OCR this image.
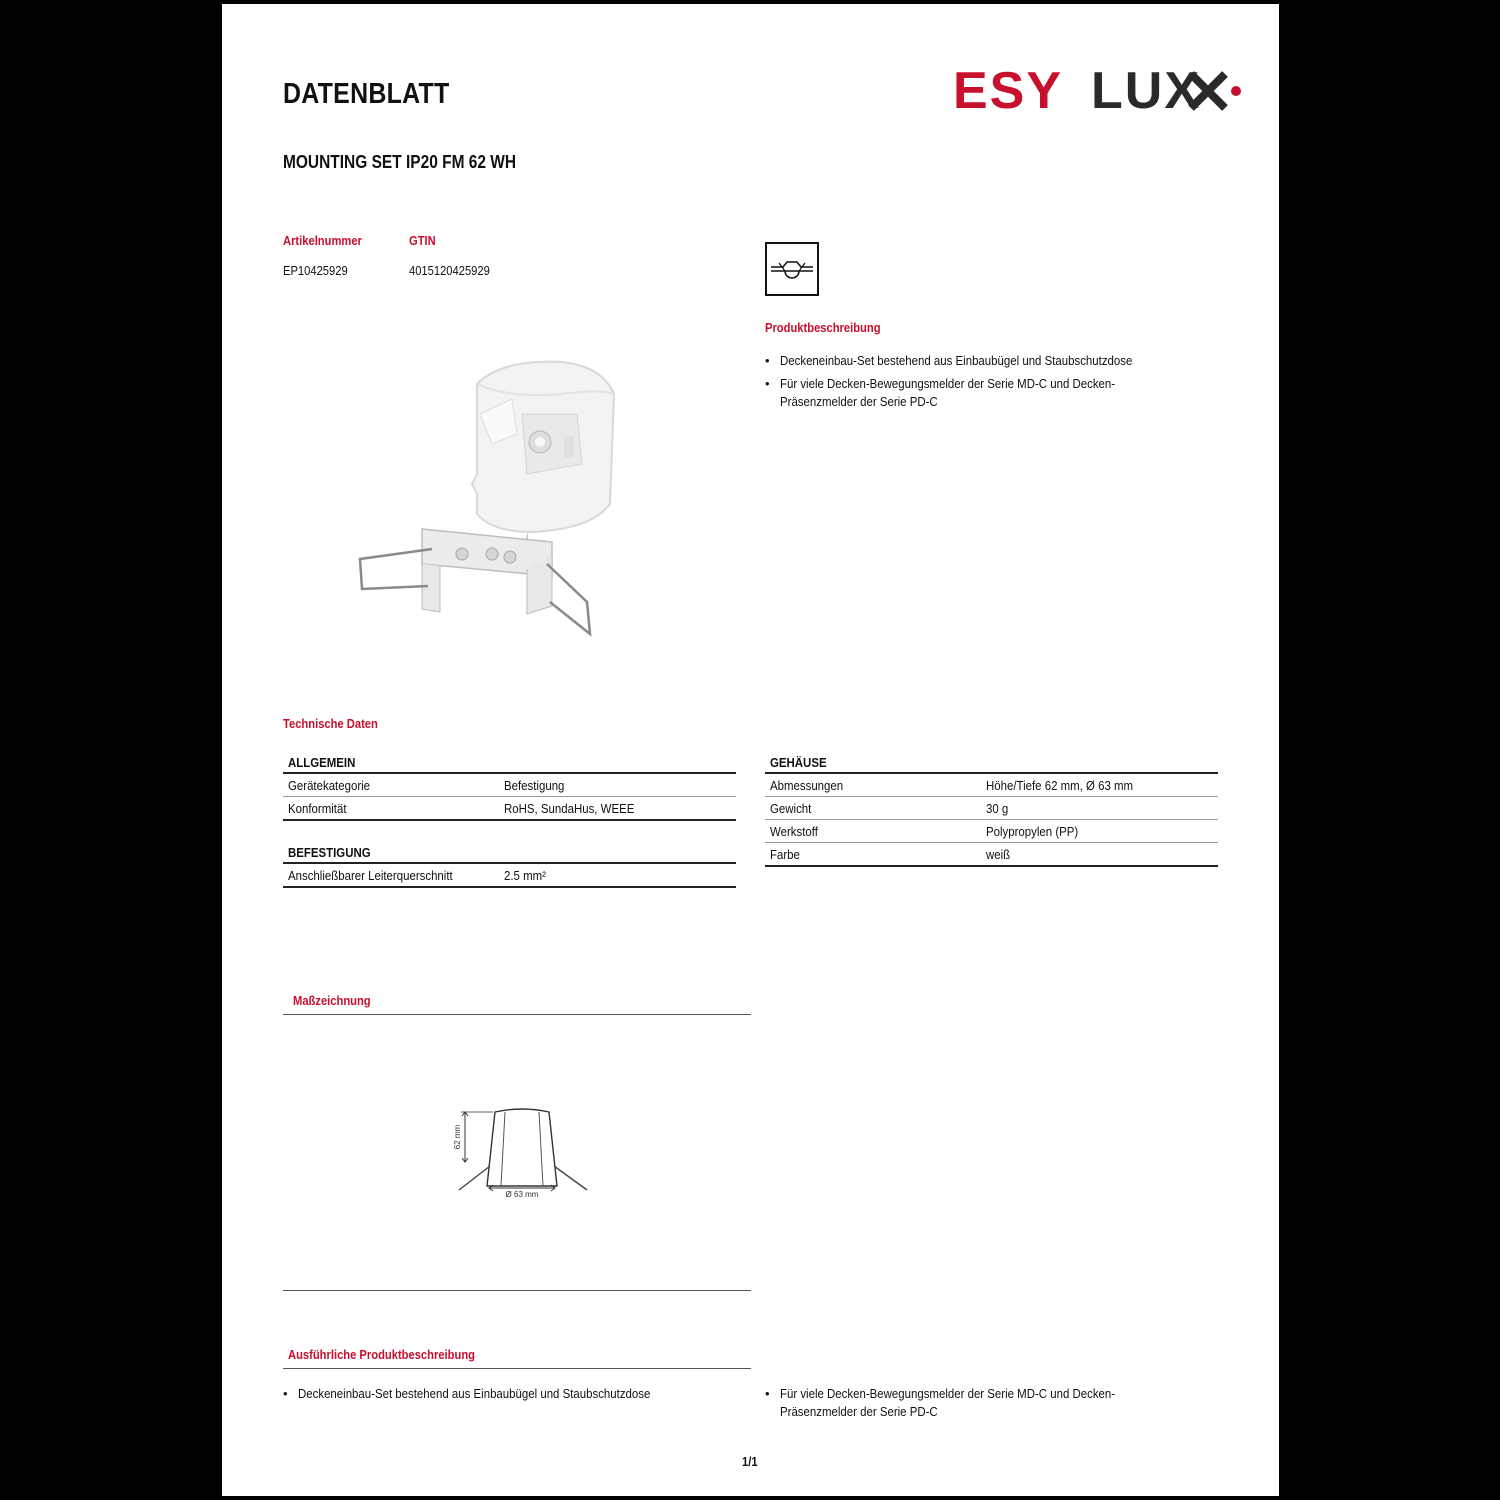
DATENBLATT	ESY LUX
MOUNTING SET IP20 FM 62 WH
Artikelnummer	GTIN
EP10425929	4015120425929
Produktbeschreibung
• Deckeneinbau-Set bestehend aus Einbaubügel und Staubschutzdose
• Für viele Decken-Bewegungsmelder der Serie MD-C und Decken-Präsenzmelder der Serie PD-C
Technische Daten
ALLGEMEIN	
Gerätekategorie	Befestigung
Konformität	RoHS, SundaHus, WEEE
BEFESTIGUNG
Anschließbarer Leiterquerschnitt	2.5 mm²
GEHÄUSE	
Abmessungen	Höhe/Tiefe 62 mm, Ø 63 mm
Gewicht	30 g
Werkstoff	Polypropylen (PP)
Farbe	weiß
Maßzeichnung
62 mm
Ø 63 mm
Ausführliche Produktbeschreibung
• Deckeneinbau-Set bestehend aus Einbaubügel und Staubschutzdose	• Für viele Decken-Bewegungsmelder der Serie MD-C und Decken-Präsenzmelder der Serie PD-C
1/1
